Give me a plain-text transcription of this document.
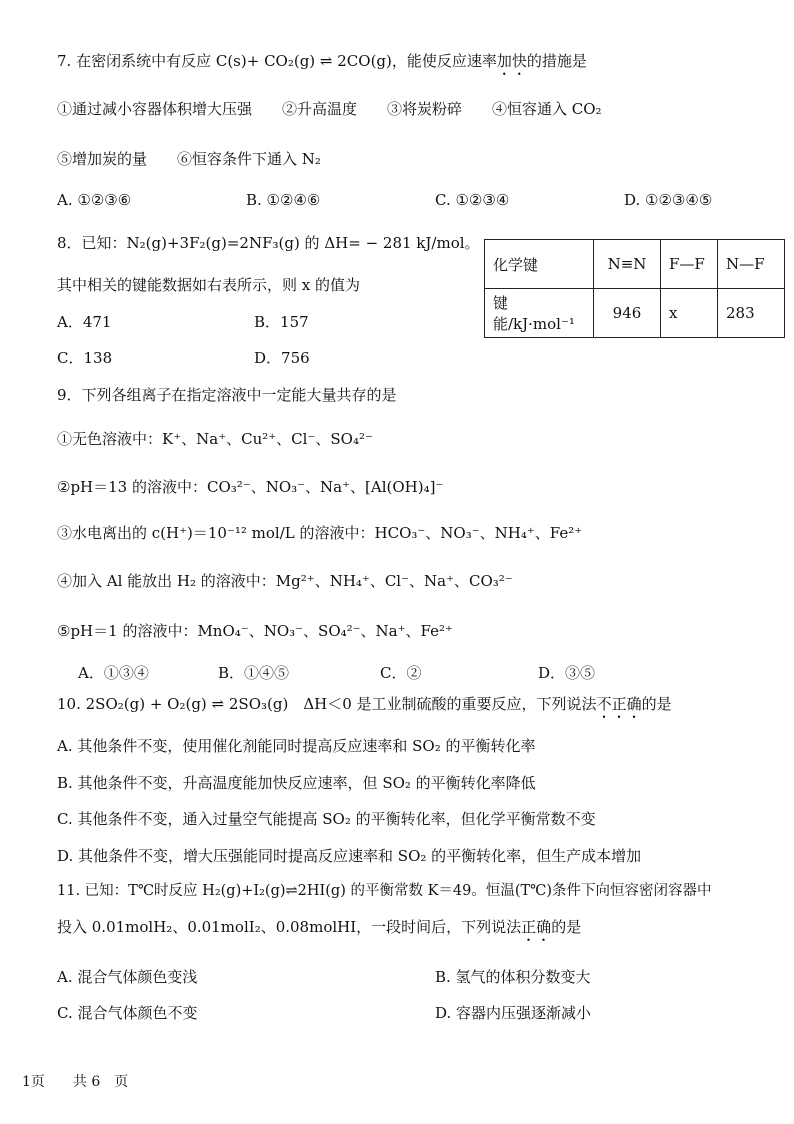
7. 在密闭系统中有反应 C(s)+ CO₂(g) ⇌ 2CO(g)，能使反应速率加快的措施是
①通过减小容器体积增大压强　　②升高温度　　③将炭粉碎　　④恒容通入 CO₂
⑤增加炭的量　　⑥恒容条件下通入 N₂
A. ①②③⑥	B. ①②④⑥	C. ①②③④	D. ①②③④⑤
8．已知：N₂(g)+3F₂(g)=2NF₃(g) 的 ΔH= − 281 kJ/mol。
其中相关的键能数据如右表所示，则 x 的值为
A．471	B．157
C．138	D．756
化学键	N≡N	F—F	N—F
键能/kJ·mol⁻¹	946	x	283
9．下列各组离子在指定溶液中一定能大量共存的是
①无色溶液中：K⁺、Na⁺、Cu²⁺、Cl⁻、SO₄²⁻
②pH＝13 的溶液中：CO₃²⁻、NO₃⁻、Na⁺、[Al(OH)₄]⁻
③水电离出的 c(H⁺)＝10⁻¹² mol/L 的溶液中：HCO₃⁻、NO₃⁻、NH₄⁺、Fe²⁺
④加入 Al 能放出 H₂ 的溶液中：Mg²⁺、NH₄⁺、Cl⁻、Na⁺、CO₃²⁻
⑤pH＝1 的溶液中：MnO₄⁻、NO₃⁻、SO₄²⁻、Na⁺、Fe²⁺
A．①③④	B．①④⑤	C．②	D．③⑤
10. 2SO₂(g) + O₂(g) ⇌ 2SO₃(g)　ΔH＜0 是工业制硫酸的重要反应，下列说法不正确的是
A. 其他条件不变，使用催化剂能同时提高反应速率和 SO₂ 的平衡转化率
B. 其他条件不变，升高温度能加快反应速率，但 SO₂ 的平衡转化率降低
C. 其他条件不变，通入过量空气能提高 SO₂ 的平衡转化率，但化学平衡常数不变
D. 其他条件不变，增大压强能同时提高反应速率和 SO₂ 的平衡转化率，但生产成本增加
11. 已知：T℃时反应 H₂(g)+I₂(g)⇌2HI(g) 的平衡常数 K＝49。恒温(T℃)条件下向恒容密闭容器中
投入 0.01molH₂、0.01molI₂、0.08molHI，一段时间后，下列说法正确的是
A. 混合气体颜色变浅	B. 氢气的体积分数变大
C. 混合气体颜色不变	D. 容器内压强逐渐减小
1页　　共 6　页
